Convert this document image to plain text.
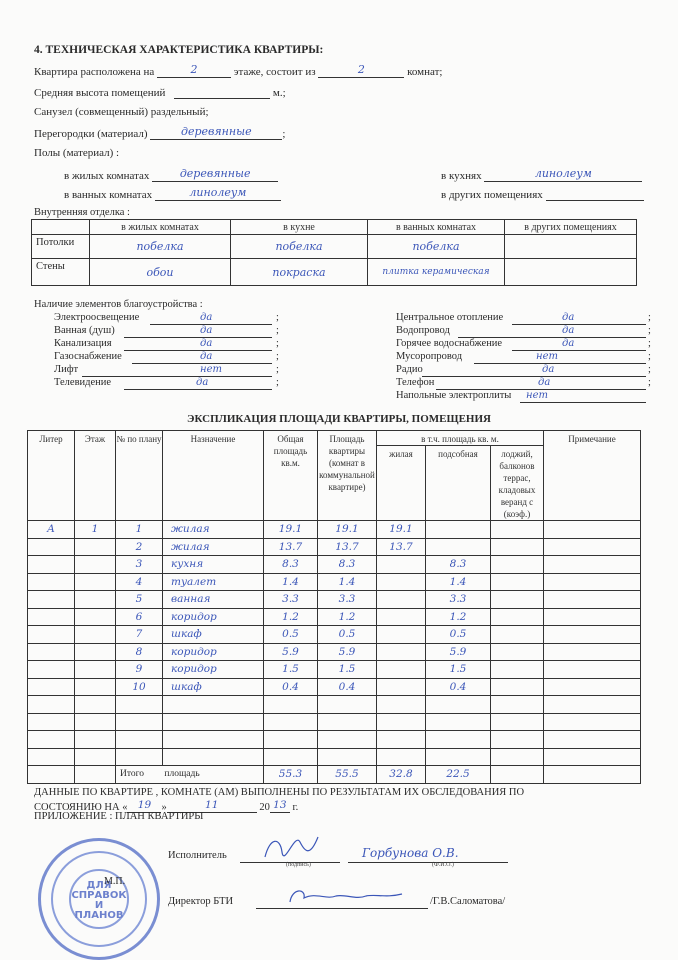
4. ТЕХНИЧЕСКАЯ ХАРАКТЕРИСТИКА КВАРТИРЫ:
Квартира расположена на	2	этаже, состоит из	2	комнат;
Средняя высота помещений	м.;
Санузел (совмещенный) раздельный;
Перегородки (материал)	деревянные	;
Полы (материал) :
в жилых комнатах	деревянные
в ванных комнатах	линолеум
в кухнях	линолеум
в других помещениях
Внутренняя отделка :
	в жилых комнатах	в кухне	в ванных комнатах	в других помещениях
Потолки	побелка	побелка	побелка	
Стены	обои	покраска	плитка керамическая	
Наличие элементов благоустройства :
Электроосвещение	да	;
Ванная (душ)	да	;
Канализация	да	;
Газоснабжение	да	;
Лифт	нет	;
Телевидение	да	;
Центральное отопление	да	;
Водопровод	да	;
Горячее водоснабжение	да	;
Мусоропровод	нет	;
Радио	да	;
Телефон	да	;
Напольные электроплиты нет
ЭКСПЛИКАЦИЯ ПЛОЩАДИ КВАРТИРЫ, ПОМЕЩЕНИЯ
Литер	Этаж	№ по плану	Назначение	Общая площадь кв.м.	Площадь квартиры (комнат в коммунальной квартире)	в т.ч. площадь кв. м.			Примечание
						жилая	подсобная	лоджий, балконов террас, кладовых веранд с (коэф.)	
А	1	1	жилая	19.1	19.1	19.1			
		2	жилая	13.7	13.7	13.7			
		3	кухня	8.3	8.3		8.3		
		4	туалет	1.4	1.4		1.4		
		5	ванная	3.3	3.3		3.3		
		6	коридор	1.2	1.2		1.2		
		7	шкаф	0.5	0.5		0.5		
		8	коридор	5.9	5.9		5.9		
		9	коридор	1.5	1.5		1.5		
		10	шкаф	0.4	0.4		0.4		

		Итого площадь		55.3	55.5	32.8	22.5		
ДАННЫЕ ПО КВАРТИРЕ , КОМНАТЕ (АМ) ВЫПОЛНЕНЫ ПО РЕЗУЛЬТАТАМ ИХ ОБСЛЕДОВАНИЯ ПО
СОСТОЯНИЮ НА « 19 »	11	20 13 г.
ПРИЛОЖЕНИЕ : ПЛАН КВАРТИРЫ
ДЛЯ
СПРАВОК
И
ПЛАНОВ
М.П.
Исполнитель
(подпись)
Горбунова О.В.
(Ф.И.О.)
Директор БТИ	/Г.В.Саломатова/
